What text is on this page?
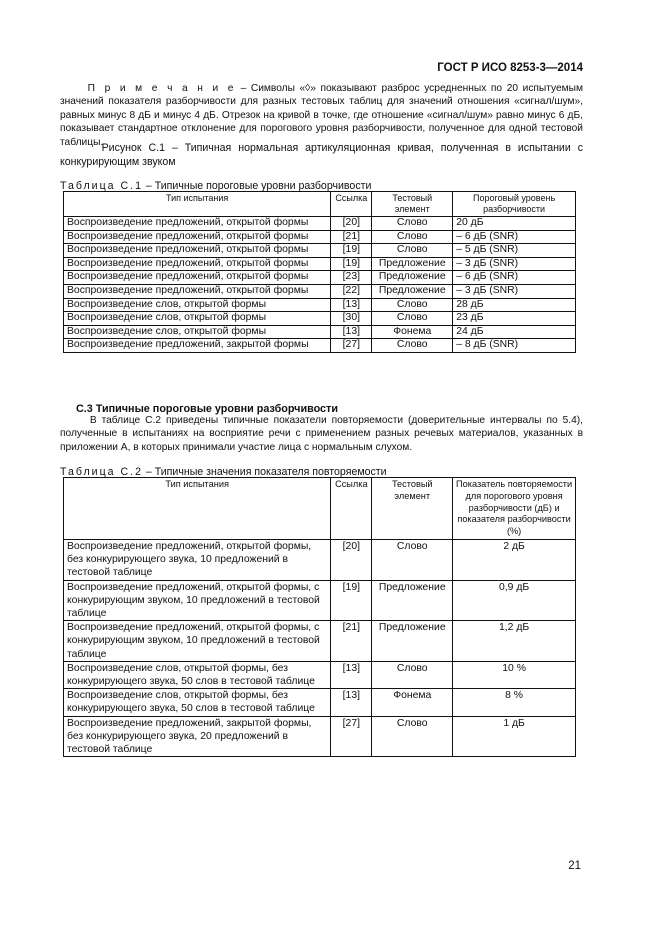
ГОСТ Р ИСО 8253-3—2014
П р и м е ч а н и е – Символы «◊» показывают разброс усредненных по 20 испытуемым значений показателя разборчивости для разных тестовых таблиц для значений отношения «сигнал/шум», равных минус 8 дБ и минус 4 дБ. Отрезок на кривой в точке, где отношение «сигнал/шум» равно минус 6 дБ, показывает стандартное отклонение для порогового уровня разборчивости, полученное для одной тестовой таблицы.
Рисунок С.1 – Типичная нормальная артикуляционная кривая, полученная в испытании с конкурирующим звуком
Таблица С.1 – Типичные пороговые уровни разборчивости
Тип испытания	Ссылка	Тестовый элемент	Пороговый уровень разборчивости
Воспроизведение предложений, открытой формы	[20]	Слово	20 дБ
Воспроизведение предложений, открытой формы	[21]	Слово	– 6 дБ (SNR)
Воспроизведение предложений, открытой формы	[19]	Слово	– 5 дБ (SNR)
Воспроизведение предложений, открытой формы	[19]	Предложение	– 3 дБ (SNR)
Воспроизведение предложений, открытой формы	[23]	Предложение	– 6 дБ (SNR)
Воспроизведение предложений, открытой формы	[22]	Предложение	– 3 дБ (SNR)
Воспроизведение слов, открытой формы	[13]	Слово	28 дБ
Воспроизведение слов, открытой формы	[30]	Слово	23 дБ
Воспроизведение слов, открытой формы	[13]	Фонема	24 дБ
Воспроизведение предложений, закрытой формы	[27]	Слово	– 8 дБ (SNR)
С.3 Типичные пороговые уровни разборчивости
В таблице С.2 приведены типичные показатели повторяемости (доверительные интервалы по 5.4), полученные в испытаниях на восприятие речи с применением разных речевых материалов, указанных в приложении А, в которых принимали участие лица с нормальным слухом.
Таблица С.2 – Типичные значения показателя повторяемости
Тип испытания	Ссылка	Тестовый элемент	Показатель повторяемости для порогового уровня разборчивости (дБ) и показателя разборчивости (%)
Воспроизведение предложений, открытой формы, без конкурирующего звука, 10 предложений в тестовой таблице	[20]	Слово	2 дБ
Воспроизведение предложений, открытой формы, с конкурирующим звуком, 10 предложений в тестовой таблице	[19]	Предложение	0,9 дБ
Воспроизведение предложений, открытой формы, с конкурирующим звуком, 10 предложений в тестовой таблице	[21]	Предложение	1,2 дБ
Воспроизведение слов, открытой формы, без конкурирующего звука, 50 слов в тестовой таблице	[13]	Слово	10 %
Воспроизведение слов, открытой формы, без конкурирующего звука, 50 слов в тестовой таблице	[13]	Фонема	8 %
Воспроизведение предложений, закрытой формы, без конкурирующего звука, 20 предложений в тестовой таблице	[27]	Слово	1 дБ
21
